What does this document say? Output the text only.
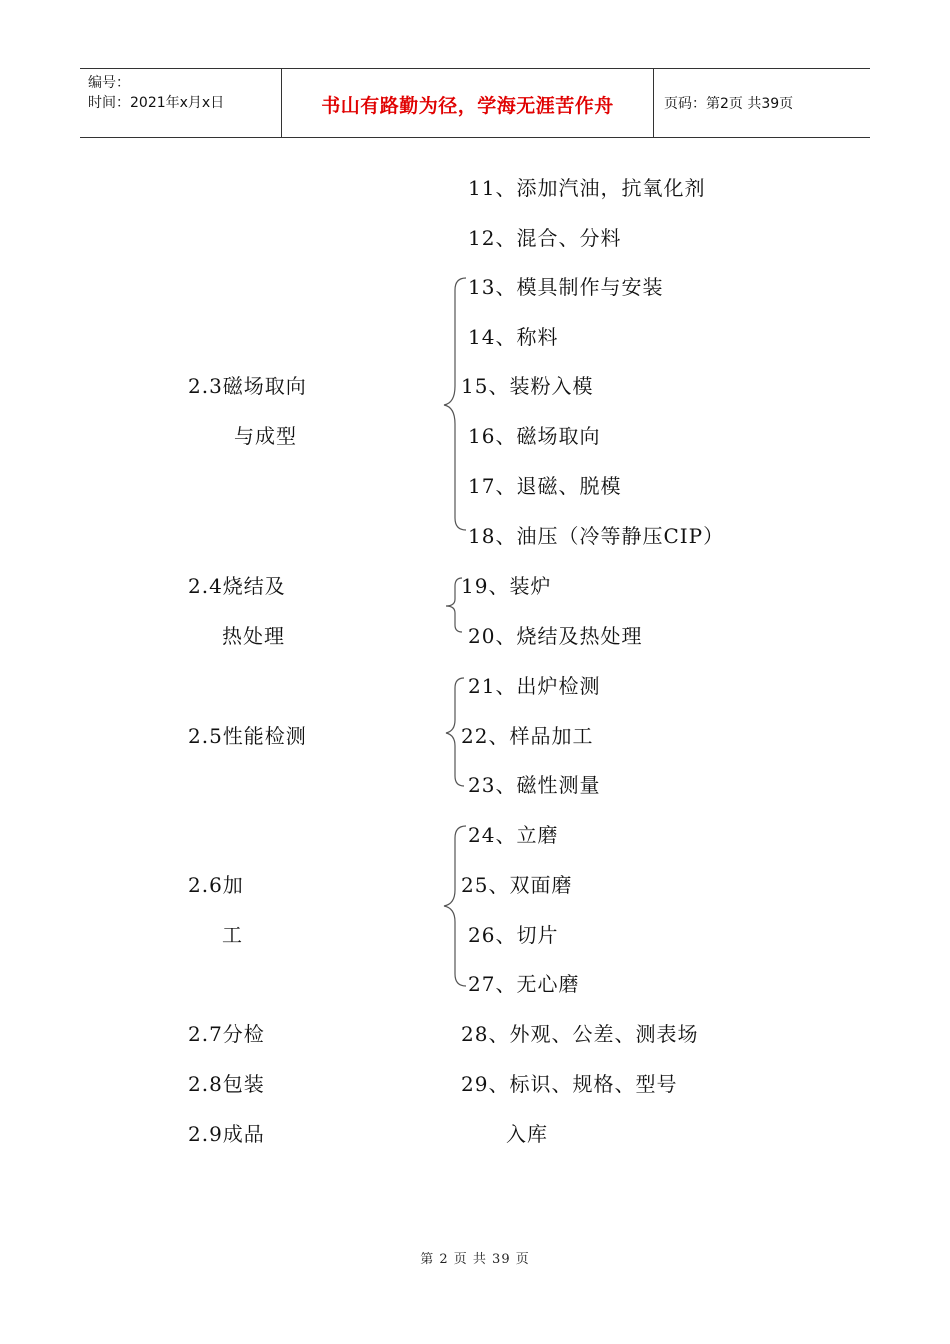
编号：
时间：2021年x月x日	书山有路勤为径，学海无涯苦作舟	页码：第2页 共39页
2.3磁场取向
与成型
2.4烧结及
热处理
2.5性能检测
2.6加
工
2.7分检
2.8包装
2.9成品
11、添加汽油，抗氧化剂
12、混合、分料
13、模具制作与安装
14、称料
15、装粉入模
16、磁场取向
17、退磁、脱模
18、油压（冷等静压CIP）
19、装炉
20、烧结及热处理
21、出炉检测
22、样品加工
23、磁性测量
24、立磨
25、双面磨
26、切片
27、无心磨
28、外观、公差、测表场
29、标识、规格、型号
入库
第 2 页 共 39 页
